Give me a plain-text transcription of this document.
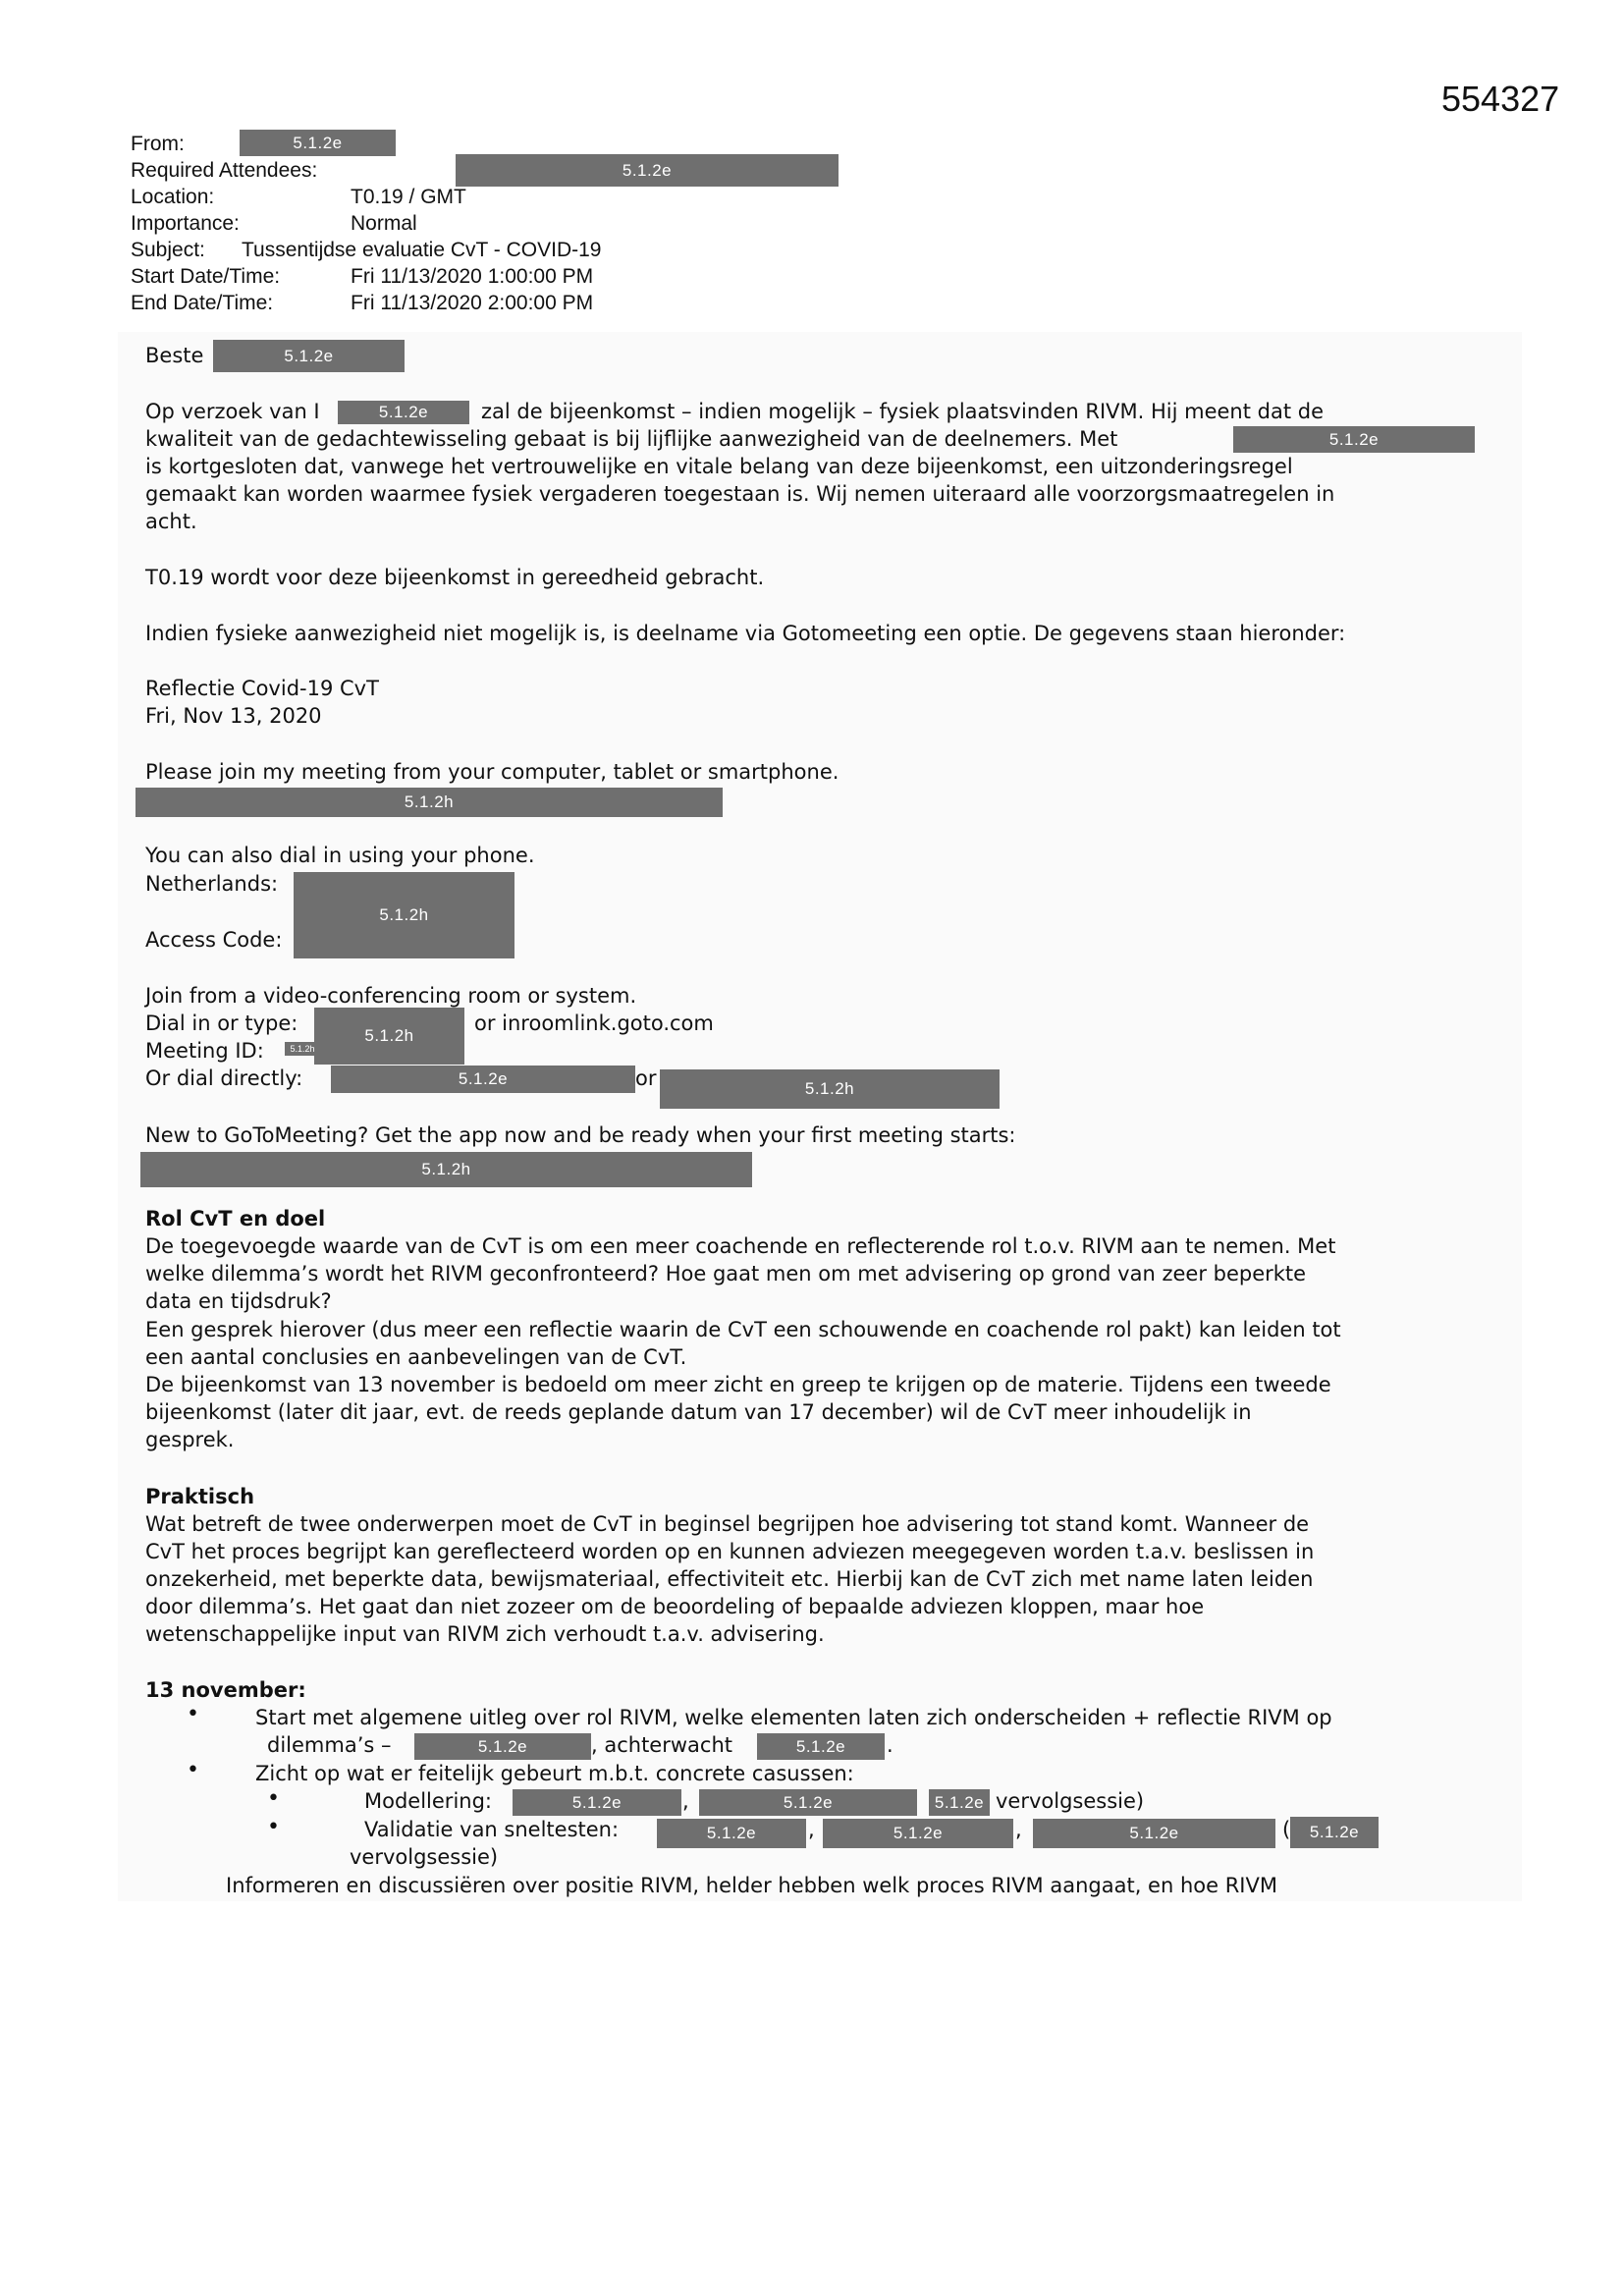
554327
From:	5.1.2e
Required Attendees:	5.1.2e
Location:	T0.19 / GMT
Importance:	Normal
Subject: Tussentijdse evaluatie CvT - COVID-19
Start Date/Time:	Fri 11/13/2020 1:00:00 PM
End Date/Time:	Fri 11/13/2020 2:00:00 PM
Beste	5.1.2e
Op verzoek van I	5.1.2e	zal de bijeenkomst – indien mogelijk – fysiek plaatsvinden RIVM. Hij meent dat de
kwaliteit van de gedachtewisseling gebaat is bij lijflijke aanwezigheid van de deelnemers. Met	5.1.2e
is kortgesloten dat, vanwege het vertrouwelijke en vitale belang van deze bijeenkomst, een uitzonderingsregel
gemaakt kan worden waarmee fysiek vergaderen toegestaan is. Wij nemen uiteraard alle voorzorgsmaatregelen in
acht.
T0.19 wordt voor deze bijeenkomst in gereedheid gebracht.
Indien fysieke aanwezigheid niet mogelijk is, is deelname via Gotomeeting een optie. De gegevens staan hieronder:
Reflectie Covid-19 CvT
Fri, Nov 13, 2020
Please join my meeting from your computer, tablet or smartphone.
5.1.2h
You can also dial in using your phone.
Netherlands:
Access Code:
5.1.2h
Join from a video-conferencing room or system.
Dial in or type:
5.1.2h
or inroomlink.goto.com
Meeting ID:	5.1.2h
Or dial directly:	5.1.2e	or	5.1.2h
New to GoToMeeting? Get the app now and be ready when your first meeting starts:
5.1.2h
Rol CvT en doel
De toegevoegde waarde van de CvT is om een meer coachende en reflecterende rol t.o.v. RIVM aan te nemen. Met
welke dilemma’s wordt het RIVM geconfronteerd? Hoe gaat men om met advisering op grond van zeer beperkte
data en tijdsdruk?
Een gesprek hierover (dus meer een reflectie waarin de CvT een schouwende en coachende rol pakt) kan leiden tot
een aantal conclusies en aanbevelingen van de CvT.
De bijeenkomst van 13 november is bedoeld om meer zicht en greep te krijgen op de materie. Tijdens een tweede
bijeenkomst (later dit jaar, evt. de reeds geplande datum van 17 december) wil de CvT meer inhoudelijk in
gesprek.
Praktisch
Wat betreft de twee onderwerpen moet de CvT in beginsel begrijpen hoe advisering tot stand komt. Wanneer de
CvT het proces begrijpt kan gereflecteerd worden op en kunnen adviezen meegegeven worden t.a.v. beslissen in
onzekerheid, met beperkte data, bewijsmateriaal, effectiviteit etc. Hierbij kan de CvT zich met name laten leiden
door dilemma’s. Het gaat dan niet zozeer om de beoordeling of bepaalde adviezen kloppen, maar hoe
wetenschappelijke input van RIVM zich verhoudt t.a.v. advisering.
13 november:
•	Start met algemene uitleg over rol RIVM, welke elementen laten zich onderscheiden + reflectie RIVM op
dilemma’s –	5.1.2e	, achterwacht	5.1.2e	.
•	Zicht op wat er feitelijk gebeurt m.b.t. concrete casussen:
•	Modellering:	5.1.2e	,	5.1.2e	5.1.2e vervolgsessie)
•	Validatie van sneltesten:	5.1.2e	,	5.1.2e	,	5.1.2e	(	5.1.2e
vervolgsessie)
Informeren en discussiëren over positie RIVM, helder hebben welk proces RIVM aangaat, en hoe RIVM
